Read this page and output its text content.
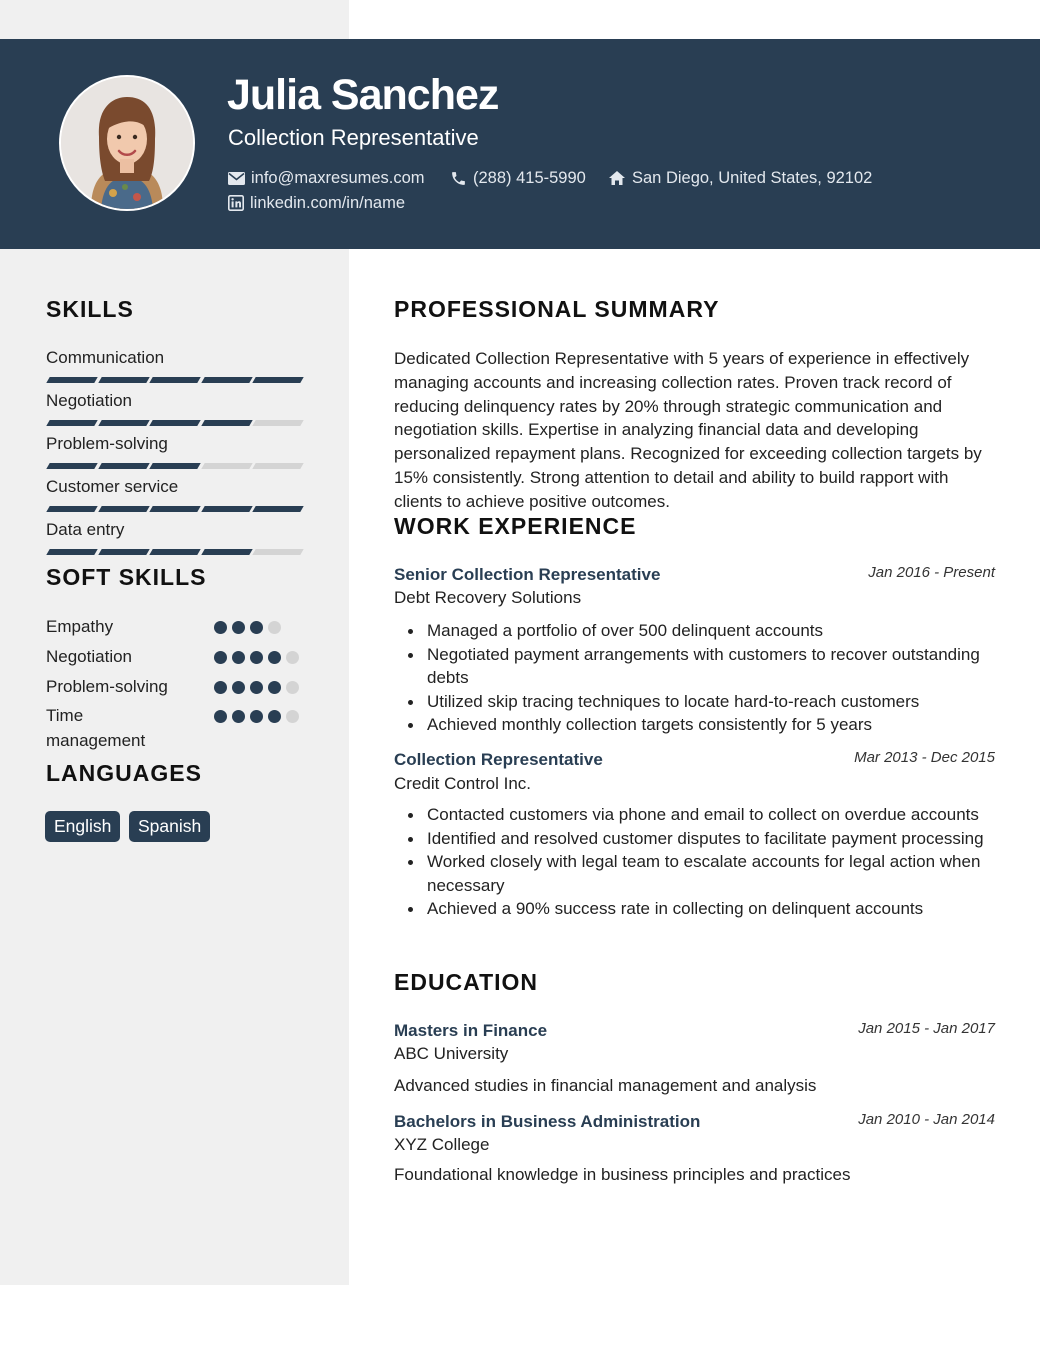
Julia Sanchez
Collection Representative
info@maxresumes.com	(288) 415-5990	San Diego, United States, 92102
linkedin.com/in/name
SKILLS
Communication
Negotiation
Problem-solving
Customer service
Data entry
SOFT SKILLS
Empathy
Negotiation
Problem-solving
Time management
LANGUAGES
English	Spanish
PROFESSIONAL SUMMARY
Dedicated Collection Representative with 5 years of experience in effectively managing accounts and increasing collection rates. Proven track record of reducing delinquency rates by 20% through strategic communication and negotiation skills. Expertise in analyzing financial data and developing personalized repayment plans. Recognized for exceeding collection targets by 15% consistently. Strong attention to detail and ability to build rapport with clients to achieve positive outcomes.
WORK EXPERIENCE
Senior Collection Representative	Jan 2016 - Present
Debt Recovery Solutions
Managed a portfolio of over 500 delinquent accounts
Negotiated payment arrangements with customers to recover outstanding debts
Utilized skip tracing techniques to locate hard-to-reach customers
Achieved monthly collection targets consistently for 5 years
Collection Representative	Mar 2013 - Dec 2015
Credit Control Inc.
Contacted customers via phone and email to collect on overdue accounts
Identified and resolved customer disputes to facilitate payment processing
Worked closely with legal team to escalate accounts for legal action when necessary
Achieved a 90% success rate in collecting on delinquent accounts
EDUCATION
Masters in Finance	Jan 2015 - Jan 2017
ABC University
Advanced studies in financial management and analysis
Bachelors in Business Administration	Jan 2010 - Jan 2014
XYZ College
Foundational knowledge in business principles and practices
